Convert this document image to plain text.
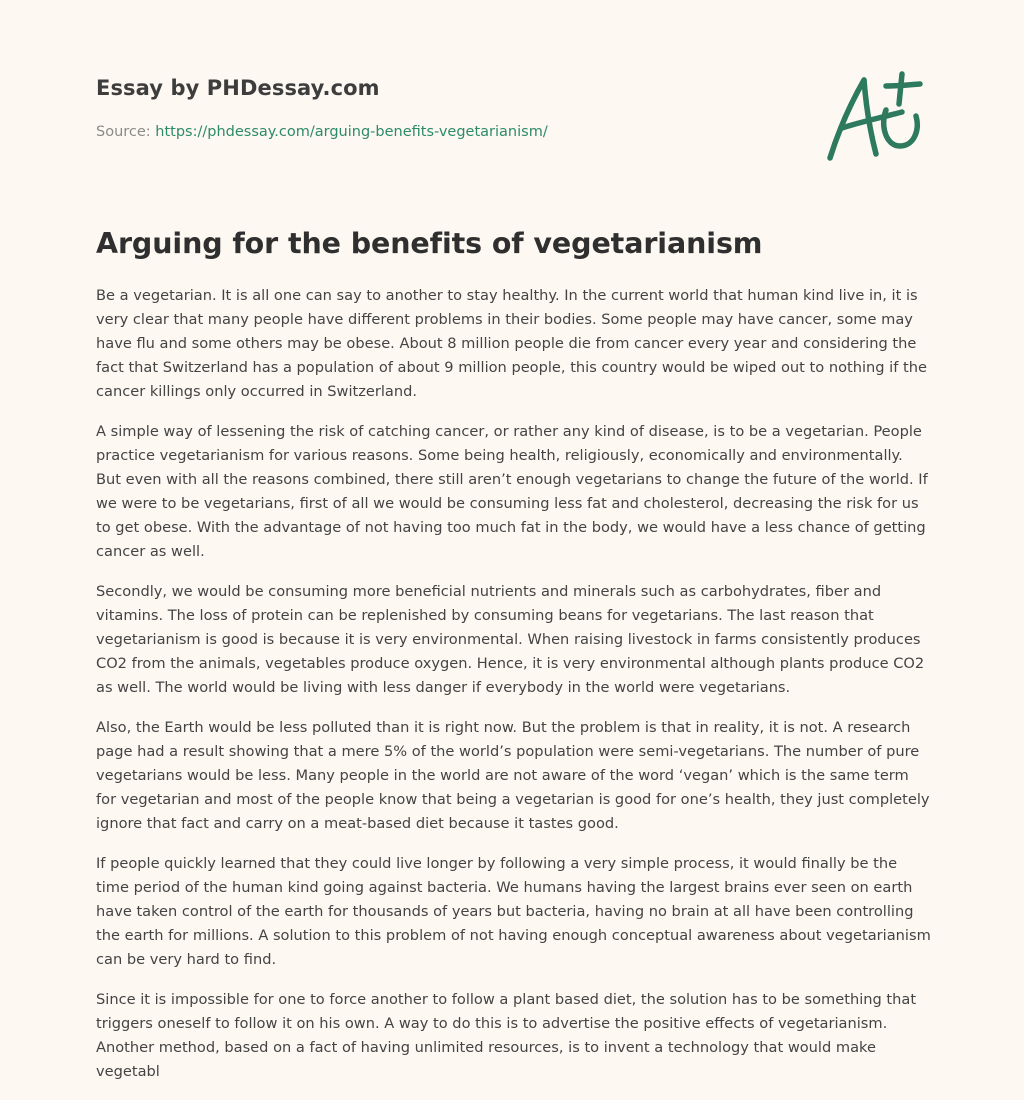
Essay by PHDessay.com

Source: https://phdessay.com/arguing-benefits-vegetarianism/

Arguing for the benefits of vegetarianism

Be a vegetarian. It is all one can say to another to stay healthy. In the current world that human kind live in, it is very clear that many people have different problems in their bodies. Some people may have cancer, some may have flu and some others may be obese. About 8 million people die from cancer every year and considering the fact that Switzerland has a population of about 9 million people, this country would be wiped out to nothing if the cancer killings only occurred in Switzerland.

A simple way of lessening the risk of catching cancer, or rather any kind of disease, is to be a vegetarian. People practice vegetarianism for various reasons. Some being health, religiously, economically and environmentally. But even with all the reasons combined, there still aren’t enough vegetarians to change the future of the world. If we were to be vegetarians, first of all we would be consuming less fat and cholesterol, decreasing the risk for us to get obese. With the advantage of not having too much fat in the body, we would have a less chance of getting cancer as well.

Secondly, we would be consuming more beneficial nutrients and minerals such as carbohydrates, fiber and vitamins. The loss of protein can be replenished by consuming beans for vegetarians. The last reason that vegetarianism is good is because it is very environmental. When raising livestock in farms consistently produces CO2 from the animals, vegetables produce oxygen. Hence, it is very environmental although plants produce CO2 as well. The world would be living with less danger if everybody in the world were vegetarians.

Also, the Earth would be less polluted than it is right now. But the problem is that in reality, it is not. A research page had a result showing that a mere 5% of the world’s population were semi-vegetarians. The number of pure vegetarians would be less. Many people in the world are not aware of the word ‘vegan’ which is the same term for vegetarian and most of the people know that being a vegetarian is good for one’s health, they just completely ignore that fact and carry on a meat-based diet because it tastes good.

If people quickly learned that they could live longer by following a very simple process, it would finally be the time period of the human kind going against bacteria. We humans having the largest brains ever seen on earth have taken control of the earth for thousands of years but bacteria, having no brain at all have been controlling the earth for millions. A solution to this problem of not having enough conceptual awareness about vegetarianism can be very hard to find.

Since it is impossible for one to force another to follow a plant based diet, the solution has to be something that triggers oneself to follow it on his own. A way to do this is to advertise the positive effects of vegetarianism. Another method, based on a fact of having unlimited resources, is to invent a technology that would make vegetabl
